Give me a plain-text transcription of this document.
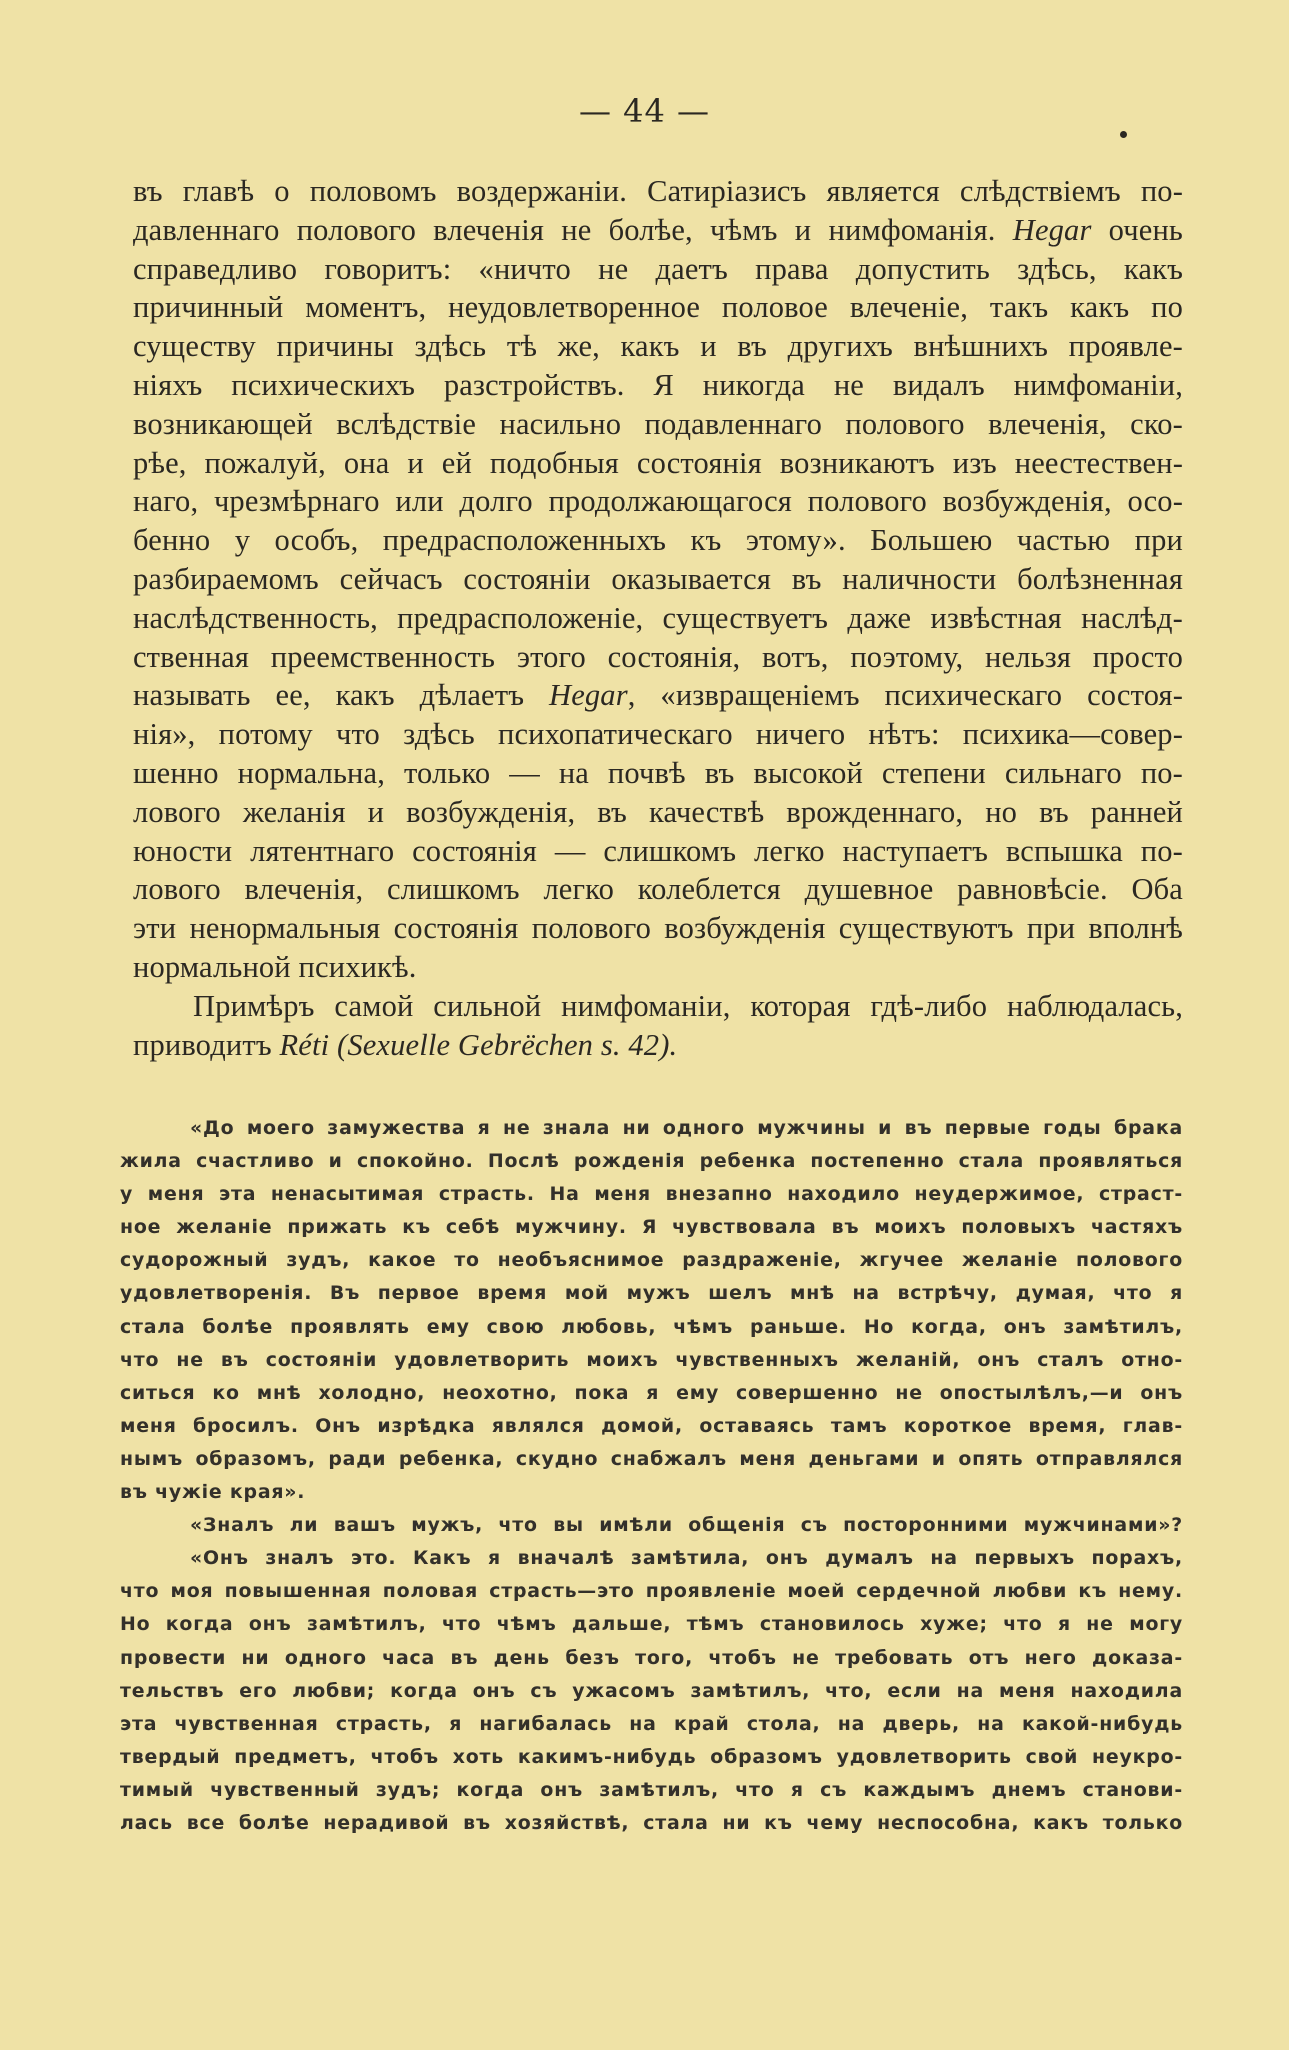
— 44 —
въ главѣ о половомъ воздержаніи. Сатиріазисъ является слѣдствіемъ по-
давленнаго полового влеченія не болѣе, чѣмъ и нимфоманія. Hegar очень
справедливо говоритъ: «ничто не даетъ права допустить здѣсь, какъ
причинный моментъ, неудовлетворенное половое влеченіе, такъ какъ по
существу причины здѣсь тѣ же, какъ и въ другихъ внѣшнихъ проявле-
ніяхъ психическихъ разстройствъ. Я никогда не видалъ нимфоманіи,
возникающей вслѣдствіе насильно подавленнаго полового влеченія, ско-
рѣе, пожалуй, она и ей подобныя состоянія возникаютъ изъ неестествен-
наго, чрезмѣрнаго или долго продолжающагося полового возбужденія, осо-
бенно у особъ, предрасположенныхъ къ этому». Большею частью при
разбираемомъ сейчасъ состояніи оказывается въ наличности болѣзненная
наслѣдственность, предрасположеніе, существуетъ даже извѣстная наслѣд-
ственная преемственность этого состоянія, вотъ, поэтому, нельзя просто
называть ее, какъ дѣлаетъ Hegar, «извращеніемъ психическаго состоя-
нія», потому что здѣсь психопатическаго ничего нѣтъ: психика—совер-
шенно нормальна, только — на почвѣ въ высокой степени сильнаго по-
лового желанія и возбужденія, въ качествѣ врожденнаго, но въ ранней
юности лятентнаго состоянія — слишкомъ легко наступаетъ вспышка по-
лового влеченія, слишкомъ легко колеблется душевное равновѣсіе. Оба
эти ненормальныя состоянія полового возбужденія существуютъ при вполнѣ
нормальной психикѣ.
Примѣръ самой сильной нимфоманіи, которая гдѣ-либо наблюдалась,
приводитъ Réti (Sexuelle Gebrëchen s. 42).
«До моего замужества я не знала ни одного мужчины и въ первые годы брака
жила счастливо и спокойно. Послѣ рожденія ребенка постепенно стала проявляться
у меня эта ненасытимая страсть. На меня внезапно находило неудержимое, страст-
ное желаніе прижать къ себѣ мужчину. Я чувствовала въ моихъ половыхъ частяхъ
судорожный зудъ, какое то необъяснимое раздраженіе, жгучее желаніе полового
удовлетворенія. Въ первое время мой мужъ шелъ мнѣ на встрѣчу, думая, что я
стала болѣе проявлять ему свою любовь, чѣмъ раньше. Но когда, онъ замѣтилъ,
что не въ состояніи удовлетворить моихъ чувственныхъ желаній, онъ сталъ отно-
ситься ко мнѣ холодно, неохотно, пока я ему совершенно не опостылѣлъ,—и онъ
меня бросилъ. Онъ изрѣдка являлся домой, оставаясь тамъ короткое время, глав-
нымъ образомъ, ради ребенка, скудно снабжалъ меня деньгами и опять отправлялся
въ чужіе края».
«Зналъ ли вашъ мужъ, что вы имѣли общенія съ посторонними мужчинами»?
«Онъ зналъ это. Какъ я вначалѣ замѣтила, онъ думалъ на первыхъ порахъ,
что моя повышенная половая страсть—это проявленіе моей сердечной любви къ нему.
Но когда онъ замѣтилъ, что чѣмъ дальше, тѣмъ становилось хуже; что я не могу
провести ни одного часа въ день безъ того, чтобъ не требовать отъ него доказа-
тельствъ его любви; когда онъ съ ужасомъ замѣтилъ, что, если на меня находила
эта чувственная страсть, я нагибалась на край стола, на дверь, на какой-нибудь
твердый предметъ, чтобъ хоть какимъ-нибудь образомъ удовлетворить свой неукро-
тимый чувственный зудъ; когда онъ замѣтилъ, что я съ каждымъ днемъ станови-
лась все болѣе нерадивой въ хозяйствѣ, стала ни къ чему неспособна, какъ только
